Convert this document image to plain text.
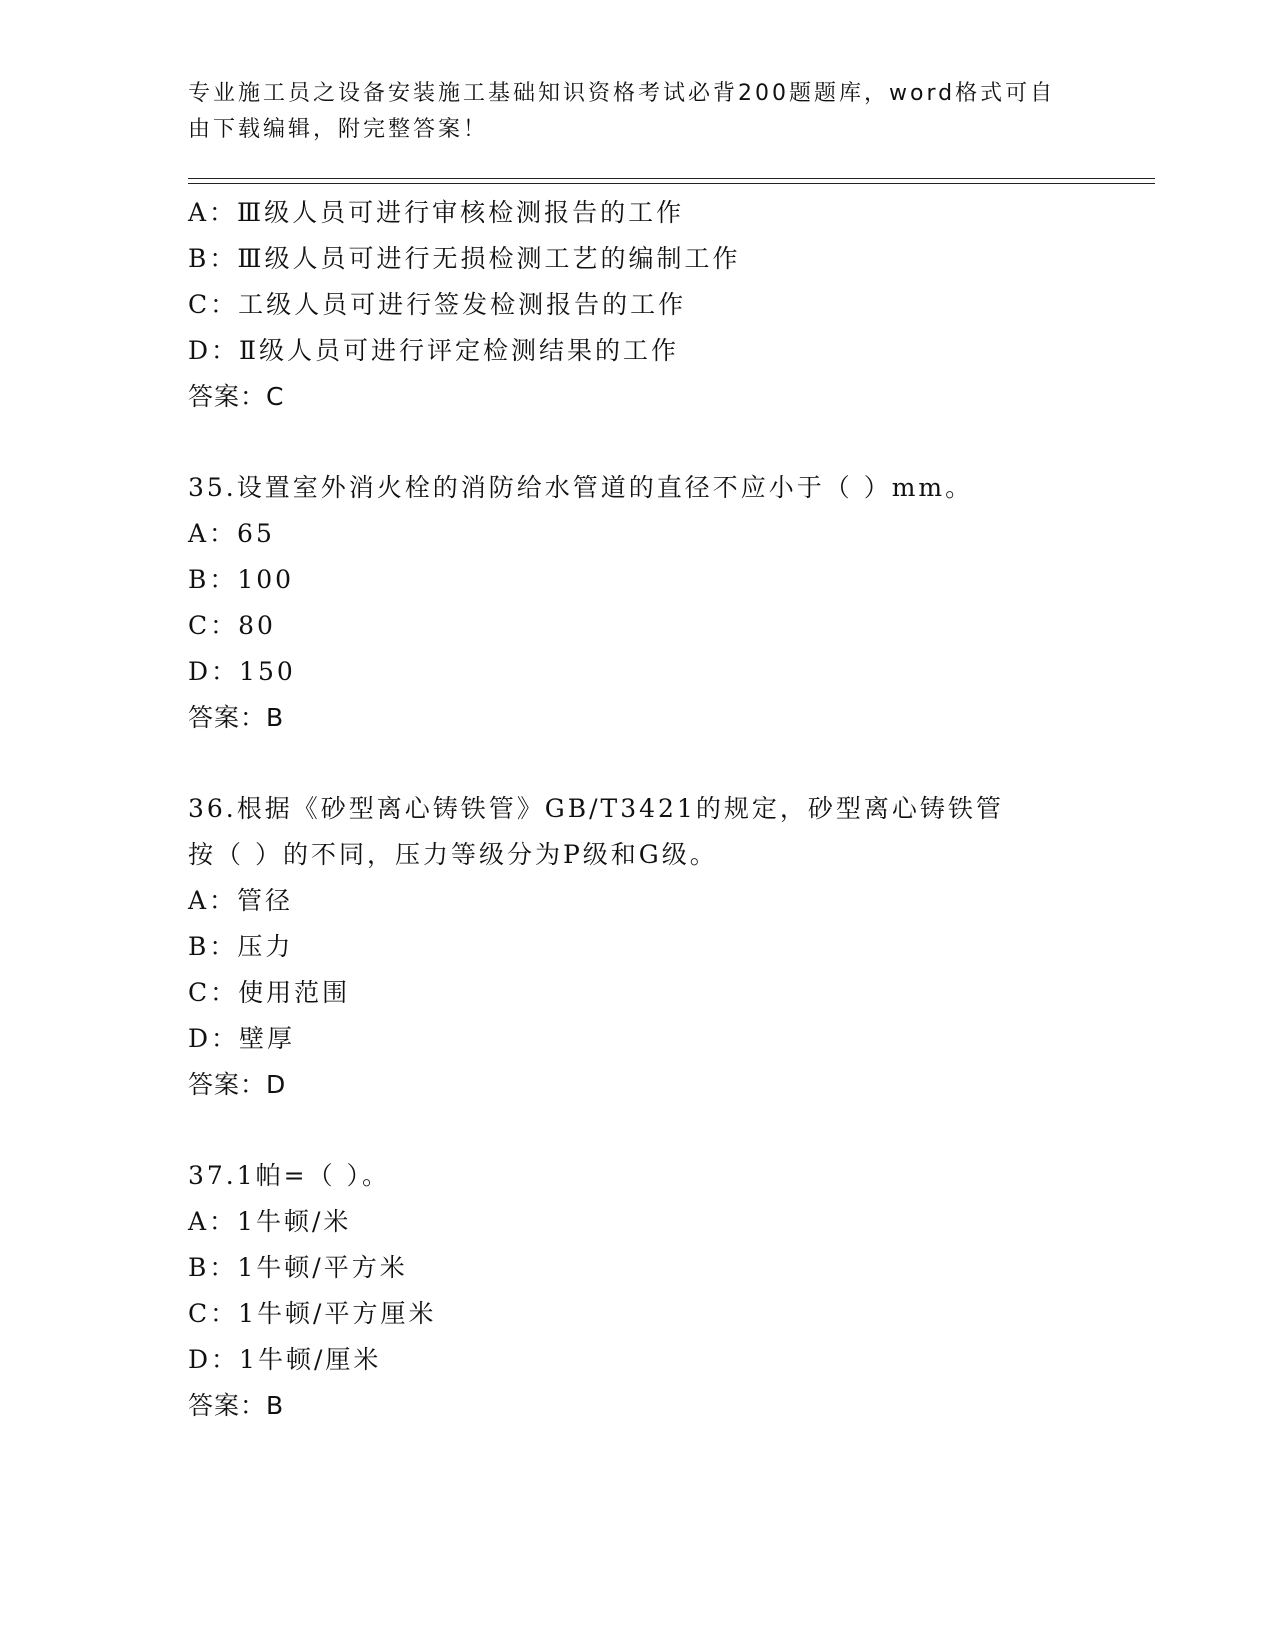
专业施工员之设备安装施工基础知识资格考试必背200题题库，word格式可自由下载编辑，附完整答案！
A：Ⅲ级人员可进行审核检测报告的工作
B：Ⅲ级人员可进行无损检测工艺的编制工作
C：工级人员可进行签发检测报告的工作
D：Ⅱ级人员可进行评定检测结果的工作
答案：C
35.设置室外消火栓的消防给水管道的直径不应小于（ ）mm。
A：65
B：100
C：80
D：150
答案：B
36.根据《砂型离心铸铁管》GB/T3421的规定，砂型离心铸铁管按（ ）的不同，压力等级分为P级和G级。
A：管径
B：压力
C：使用范围
D：壁厚
答案：D
37.1帕=（ ）。
A：1牛顿/米
B：1牛顿/平方米
C：1牛顿/平方厘米
D：1牛顿/厘米
答案：B
